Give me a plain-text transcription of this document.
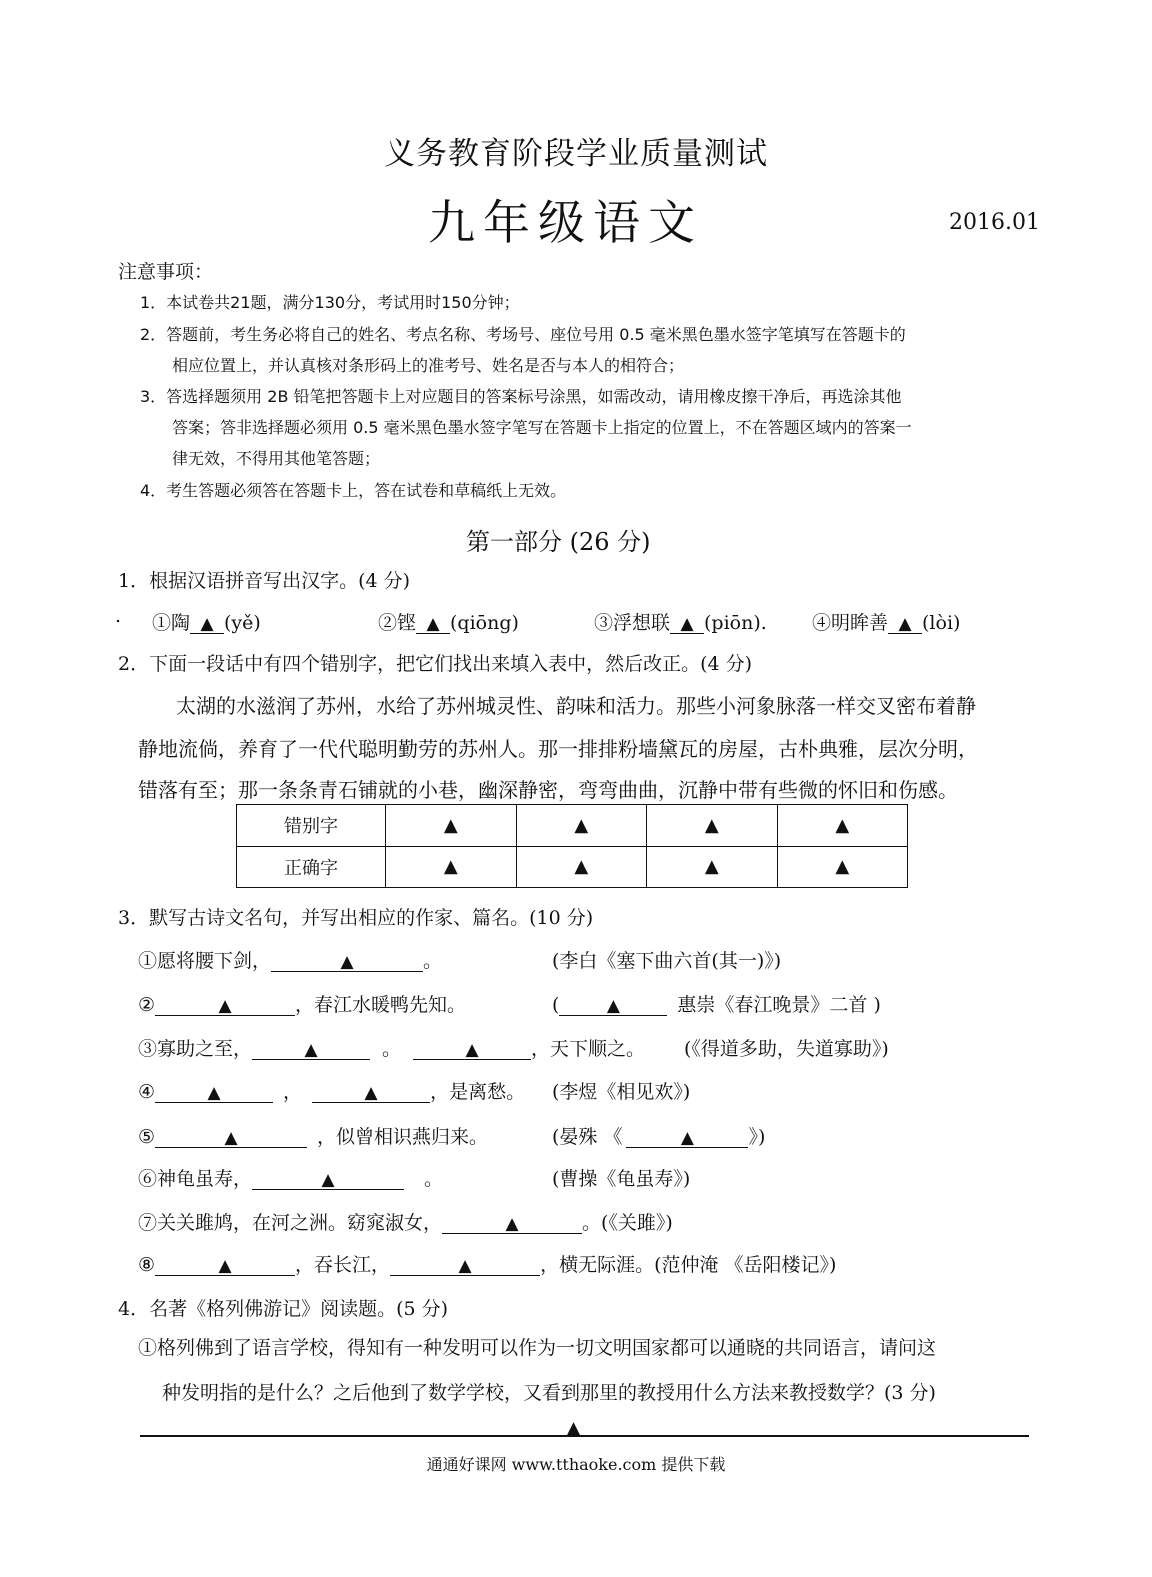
义务教育阶段学业质量测试
九年级语文	2016.01
注意事项：
1．本试卷共21题，满分130分，考试用时150分钟；
2．答题前，考生务必将自己的姓名、考点名称、考场号、座位号用 0.5 毫米黑色墨水签字笔填写在答题卡的
相应位置上，并认真核对条形码上的准考号、姓名是否与本人的相符合；
3．答选择题须用 2B 铅笔把答题卡上对应题目的答案标号涂黑，如需改动，请用橡皮擦干净后，再选涂其他
答案；答非选择题必须用 0.5 毫米黑色墨水签字笔写在答题卡上指定的位置上，不在答题区域内的答案一
律无效，不得用其他笔答题；
4．考生答题必须答在答题卡上，答在试卷和草稿纸上无效。
第一部分 (26 分)
1．根据汉语拼音写出汉字。(4 分)
. ①陶 ▲ (yě)	②铿 ▲ (qiōng)	③浮想联 ▲ (piōn). ④明眸善 ▲ (lòi)
2．下面一段话中有四个错别字，把它们找出来填入表中，然后改正。(4 分)
太湖的水滋润了苏州，水给了苏州城灵性、韵味和活力。那些小河象脉落一样交叉密布着静
静地流倘，养育了一代代聪明勤劳的苏州人。那一排排粉墙黛瓦的房屋，古朴典雅，层次分明，
错落有至；那一条条青石铺就的小巷，幽深静密，弯弯曲曲，沉静中带有些微的怀旧和伤感。
错别字	▲	▲	▲	▲
正确字	▲	▲	▲	▲
3．默写古诗文名句，并写出相应的作家、篇名。(10 分)
①愿将腰下剑，	▲	。	(李白《塞下曲六首(其一)》)
②	▲	，春江水暖鸭先知。	(	▲	惠崇《春江晚景》二首 )
③寡助之至，	▲	。	▲	，天下顺之。 (《得道多助，失道寡助》)
④	▲	，	▲	，是离愁。 (李煜《相见欢》)
⑤	▲	，似曾相识燕归来。	(晏殊 《	▲	》)
⑥神龟虽寿，	▲	。	(曹操《龟虽寿》)
⑦关关雎鸠，在河之洲。窈窕淑女，	▲	。(《关雎》)
⑧	▲	，吞长江，	▲	，横无际涯。(范仲淹 《岳阳楼记》)
4．名著《格列佛游记》阅读题。(5 分)
①格列佛到了语言学校，得知有一种发明可以作为一切文明国家都可以通晓的共同语言，请问这
种发明指的是什么？之后他到了数学学校，又看到那里的教授用什么方法来教授数学？(3 分)
▲
通通好课网 www.tthaoke.com 提供下载
